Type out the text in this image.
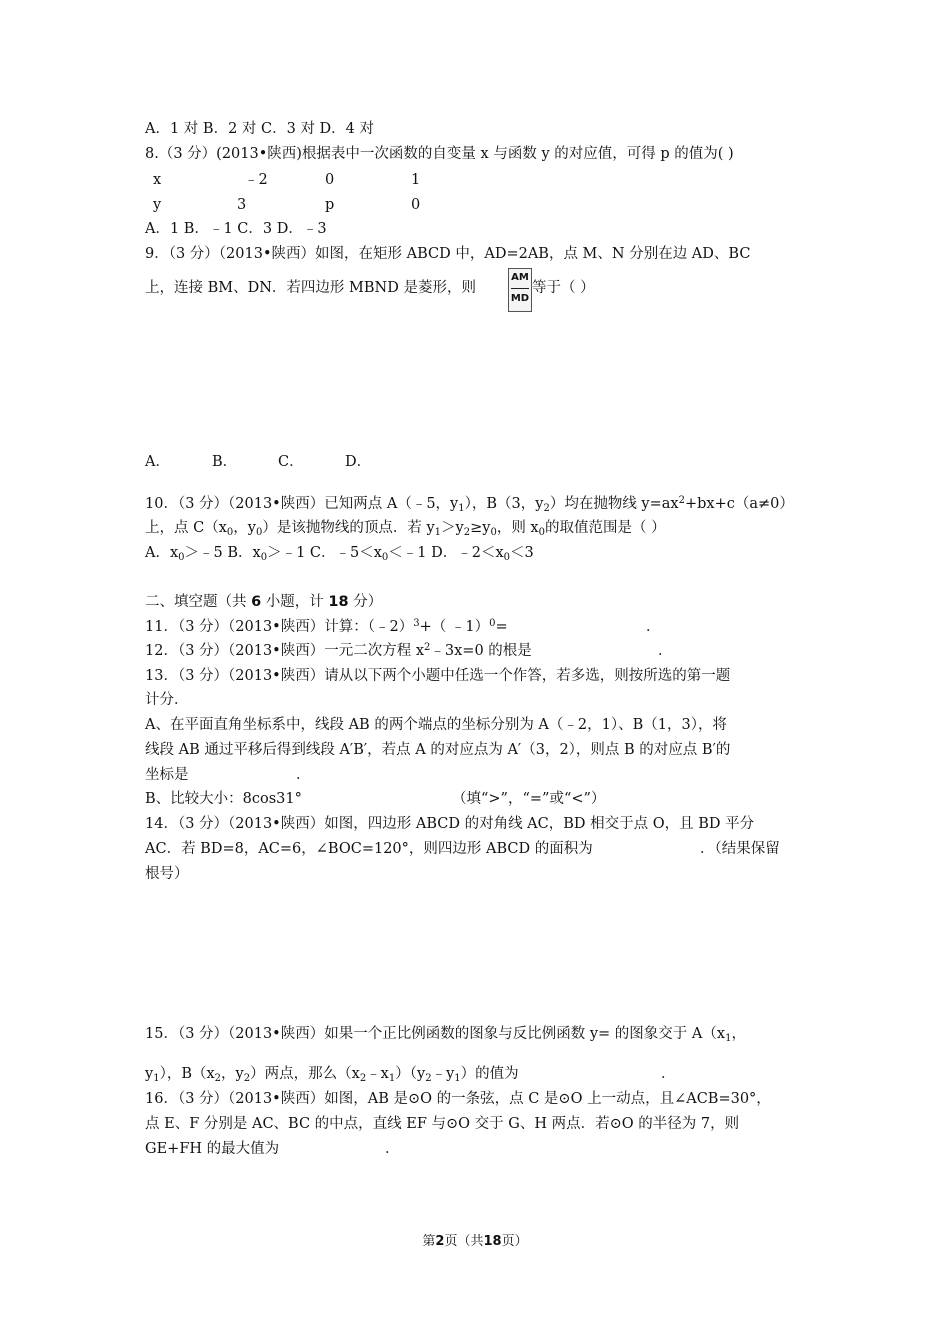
A．1 对 B．2 对 C．3 对 D．4 对
8.（3 分）(2013•陕西)根据表中一次函数的自变量 x 与函数 y 的对应值，可得 p 的值为( )
x	﹣2	0	1
y	3	p	0
A．1 B．﹣1 C．3 D．﹣3
9．（3 分）（2013•陕西）如图，在矩形 ABCD 中，AD=2AB，点 M、N 分别在边 AD、BC
上，连接 BM、DN．若四边形 MBND 是菱形，则
AM
MD
等于（ ）
A．	B．	C．	D．
10．（3 分）（2013•陕西）已知两点 A（﹣5，$y_1$），B（3，$y_2$）均在抛物线 $y=ax^2+bx+c(a\ne 0)$
上，点 $C(x_0$，$y_0$）是该抛物线的顶点．若 $y_1>y_2\ge y_0$，则 $x_0$的取值范围是（ ）
A．$x_0>﹣5$ B．$x_0>﹣1$ C．$﹣5<x_0<﹣1$ D．$﹣2<x_0<3$
二、填空题（共 6 小题，计 18 分）
11．（3 分）（2013•陕西）计算：（﹣2）$^3$+（ ﹣1）$^0$=	．
12．（3 分）（2013•陕西）一元二次方程 $x^2﹣3x=0$ 的根是	．
13．（3 分）（2013•陕西）请从以下两个小题中任选一个作答，若多选，则按所选的第一题
计分．
A、在平面直角坐标系中，线段 AB 的两个端点的坐标分别为 A（﹣2，1）、B（1，3），将
线段 AB 通过平移后得到线段 A′B′，若点 A 的对应点为 A′（3，2），则点 B 的对应点 B′的
坐标是	．
B、比较大小：8cos31°	（填“>”，“=”或“<”）
14．（3 分）（2013•陕西）如图，四边形 ABCD 的对角线 AC，BD 相交于点 O，且 BD 平分
AC．若 BD=8，AC=6，∠BOC=120°，则四边形 ABCD 的面积为	．（结果保留
根号）
15．（3 分）（2013•陕西）如果一个正比例函数的图象与反比例函数 y= 的图象交于 $A(x_1$，
$y_1$），$B(x_2$，$y_2$）两点，那么$(x_2﹣x_1)(y_2﹣y_1)$的值为	．
16．（3 分）（2013•陕西）如图，AB 是⊙O 的一条弦，点 C 是⊙O 上一动点，且∠ACB=30°，
点 E、F 分别是 AC、BC 的中点，直线 EF 与⊙O 交于 G、H 两点．若⊙O 的半径为 7，则
GE+FH 的最大值为	．
第2页（共18页）
